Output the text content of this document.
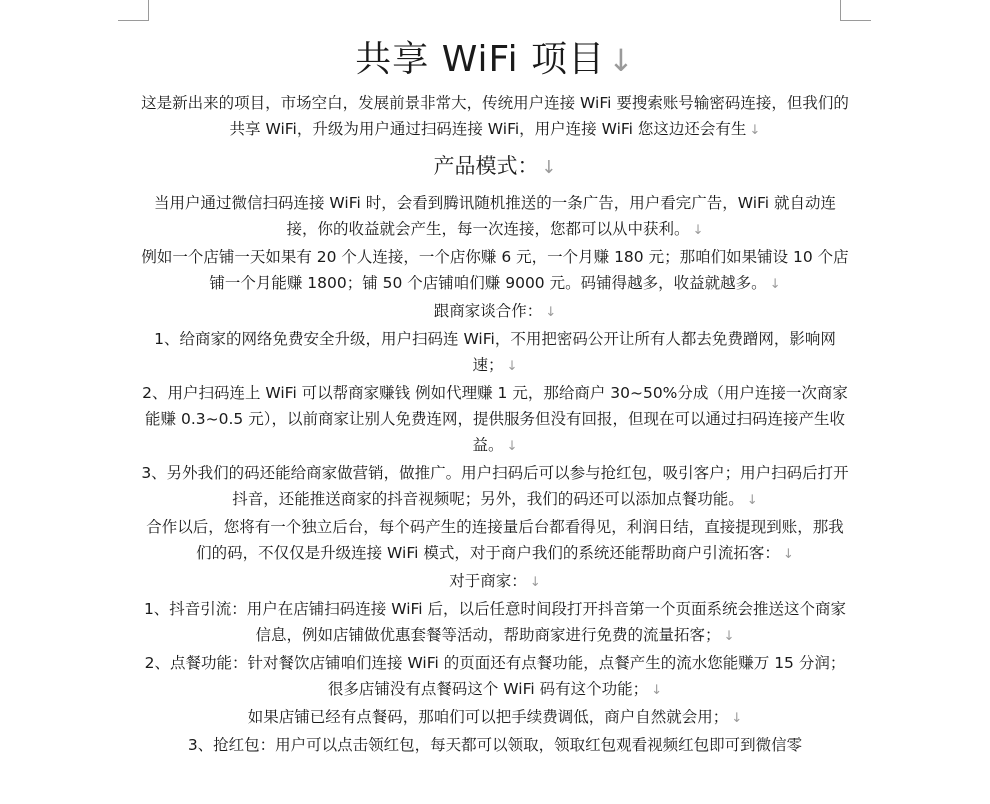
共享 WiFi 项目↓

这是新出来的项目，市场空白，发展前景非常大，传统用户连接 WiFi 要搜索账号输密码连接，但我们的共享 WiFi，升级为用户通过扫码连接 WiFi，用户连接 WiFi 您这边还会有生 ↓

产品模式： ↓

当用户通过微信扫码连接 WiFi 时，会看到腾讯随机推送的一条广告，用户看完广告，WiFi 就自动连接，你的收益就会产生，每一次连接，您都可以从中获利。 ↓

例如一个店铺一天如果有 20 个人连接，一个店你赚 6 元，一个月赚 180 元；那咱们如果铺设 10 个店铺一个月能赚 1800；铺 50 个店铺咱们赚 9000 元。码铺得越多，收益就越多。 ↓

跟商家谈合作： ↓

1、给商家的网络免费安全升级，用户扫码连 WiFi，不用把密码公开让所有人都去免费蹭网，影响网速； ↓

2、用户扫码连上 WiFi 可以帮商家赚钱 例如代理赚 1 元，那给商户 30~50%分成（用户连接一次商家能赚 0.3~0.5 元），以前商家让别人免费连网，提供服务但没有回报，但现在可以通过扫码连接产生收益。 ↓

3、另外我们的码还能给商家做营销，做推广。用户扫码后可以参与抢红包，吸引客户；用户扫码后打开抖音，还能推送商家的抖音视频呢；另外，我们的码还可以添加点餐功能。 ↓

合作以后，您将有一个独立后台，每个码产生的连接量后台都看得见，利润日结，直接提现到账，那我们的码，不仅仅是升级连接 WiFi 模式，对于商户我们的系统还能帮助商户引流拓客： ↓

对于商家： ↓

1、抖音引流：用户在店铺扫码连接 WiFi 后，以后任意时间段打开抖音第一个页面系统会推送这个商家信息，例如店铺做优惠套餐等活动，帮助商家进行免费的流量拓客； ↓

2、点餐功能：针对餐饮店铺咱们连接 WiFi 的页面还有点餐功能，点餐产生的流水您能赚万 15 分润；很多店铺没有点餐码这个 WiFi 码有这个功能； ↓

如果店铺已经有点餐码，那咱们可以把手续费调低，商户自然就会用； ↓

3、抢红包：用户可以点击领红包，每天都可以领取，领取红包观看视频红包即可到微信零
